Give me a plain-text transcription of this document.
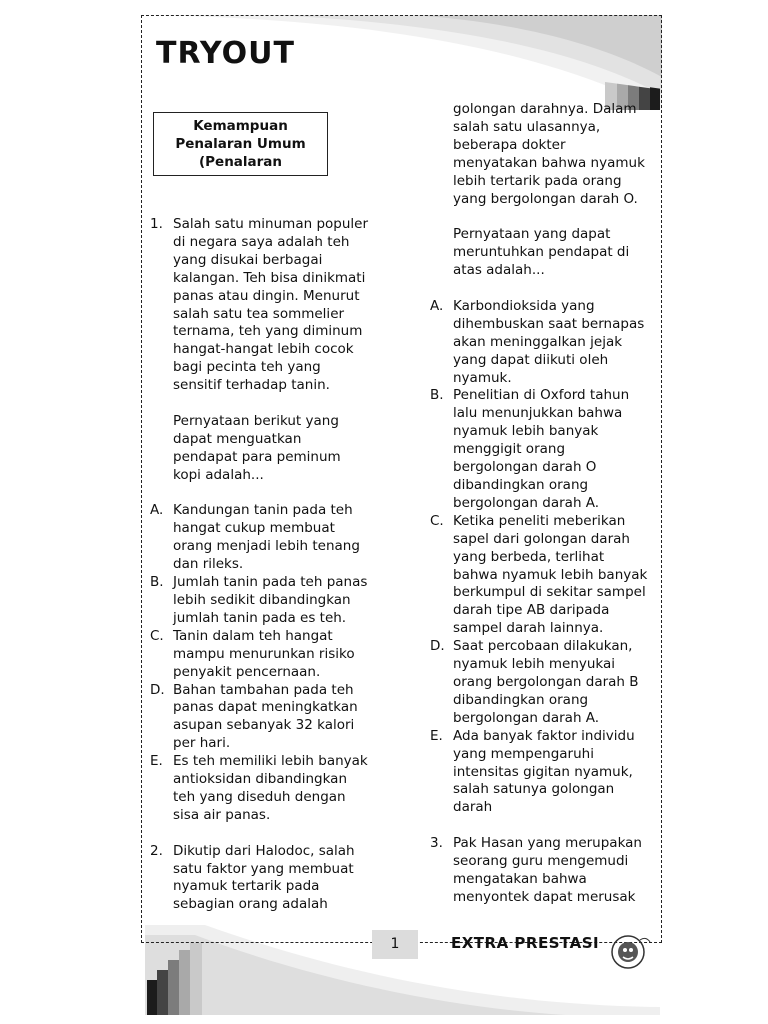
TRYOUT
Kemampuan
Penalaran Umum
(Penalaran
1. Salah satu minuman populer
di negara saya adalah teh
yang disukai berbagai
kalangan. Teh bisa dinikmati
panas atau dingin. Menurut
salah satu tea sommelier
ternama, teh yang diminum
hangat-hangat lebih cocok
bagi pecinta teh yang
sensitif terhadap tanin.
Pernyataan berikut yang
dapat menguatkan
pendapat para peminum
kopi adalah...
A. Kandungan tanin pada teh
hangat cukup membuat
orang menjadi lebih tenang
dan rileks.
B. Jumlah tanin pada teh panas
lebih sedikit dibandingkan
jumlah tanin pada es teh.
C. Tanin dalam teh hangat
mampu menurunkan risiko
penyakit pencernaan.
D. Bahan tambahan pada teh
panas dapat meningkatkan
asupan sebanyak 32 kalori
per hari.
E. Es teh memiliki lebih banyak
antioksidan dibandingkan
teh yang diseduh dengan
sisa air panas.
2. Dikutip dari Halodoc, salah
satu faktor yang membuat
nyamuk tertarik pada
sebagian orang adalah
golongan darahnya. Dalam
salah satu ulasannya,
beberapa dokter
menyatakan bahwa nyamuk
lebih tertarik pada orang
yang bergolongan darah O.
Pernyataan yang dapat
meruntuhkan pendapat di
atas adalah...
A. Karbondioksida yang
dihembuskan saat bernapas
akan meninggalkan jejak
yang dapat diikuti oleh
nyamuk.
B. Penelitian di Oxford tahun
lalu menunjukkan bahwa
nyamuk lebih banyak
menggigit orang
bergolongan darah O
dibandingkan orang
bergolongan darah A.
C. Ketika peneliti meberikan
sapel dari golongan darah
yang berbeda, terlihat
bahwa nyamuk lebih banyak
berkumpul di sekitar sampel
darah tipe AB daripada
sampel darah lainnya.
D. Saat percobaan dilakukan,
nyamuk lebih menyukai
orang bergolongan darah B
dibandingkan orang
bergolongan darah A.
E. Ada banyak faktor individu
yang mempengaruhi
intensitas gigitan nyamuk,
salah satunya golongan
darah
3. Pak Hasan yang merupakan
seorang guru mengemudi
mengatakan bahwa
menyontek dapat merusak
1	EXTRA PRESTASI
